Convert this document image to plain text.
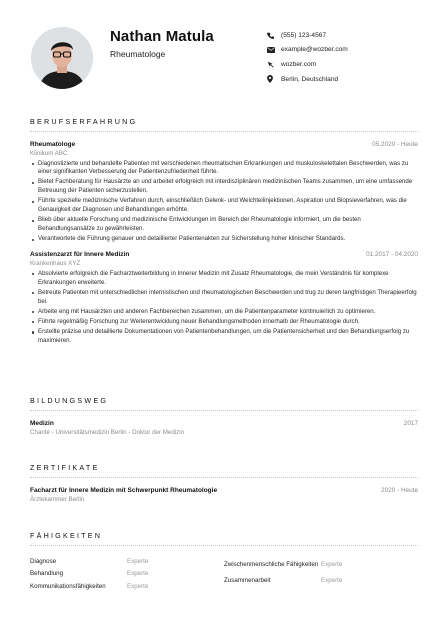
Nathan Matula
Rheumatologe
(555) 123-4567
example@wozber.com
wozber.com
Berlin, Deutschland
BERUFSERFAHRUNG
Rheumatologe	05.2020 - Heute
Klinikum ABC
Diagnostizierte und behandelte Patienten mit verschiedenen rheumatischen Erkrankungen und muskuloskelettalen Beschwerden, was zu einer signifikanten Verbesserung der Patientenzufriedenheit führte.
Bietet Fachberatung für Hausärzte an und arbeitet erfolgreich mit interdisziplinären medizinischen Teams zusammen, um eine umfassende Betreuung der Patienten sicherzustellen.
Führte spezielle medizinische Verfahren durch, einschließlich Gelenk- und Weichteilinjektionen, Aspiration und Biopsieverfahren, was die Genauigkeit der Diagnosen und Behandlungen erhöhte.
Blieb über aktuelle Forschung und medizinische Entwicklungen im Bereich der Rheumatologie informiert, um die besten Behandlungsansätze zu gewährleisten.
Verantwortete die Führung genauer und detaillierter Patientenakten zur Sicherstellung hoher klinischer Standards.
Assistenzarzt für Innere Medizin	01.2017 - 04.2020
Krankenhaus XYZ
Absolvierte erfolgreich die Facharztweiterbildung in Innerer Medizin mit Zusatz Rheumatologie, die mein Verständnis für komplexe Erkrankungen erweiterte.
Betreute Patienten mit unterschiedlichen internistischen und rheumatologischen Beschwerden und trug zu deren langfristigen Therapieerfolg bei.
Arbeite eng mit Hausärzten und anderen Fachbereichen zusammen, um die Patientenparameter kontinuierlich zu optimieren.
Führte regelmäßig Forschung zur Weiterentwicklung neuer Behandlungsmethoden innerhalb der Rheumatologie durch.
Erstellte präzise und detaillierte Dokumentationen von Patientenbehandlungen, um die Patientensicherheit und den Behandlungserfolg zu maximieren.
BILDUNGSWEG
Medizin	2017
Charité - Universitätsmedizin Berlin - Doktor der Medizin
ZERTIFIKATE
Facharzt für Innere Medizin mit Schwerpunkt Rheumatologie	2020 - Heute
Ärztekammer Berlin
FÄHIGKEITEN
Diagnose	Experte
Behandlung	Experte
Kommunikationsfähigkeiten	Experte
Zwischenmenschliche Fähigkeiten Experte
Zusammenarbeit	Experte
